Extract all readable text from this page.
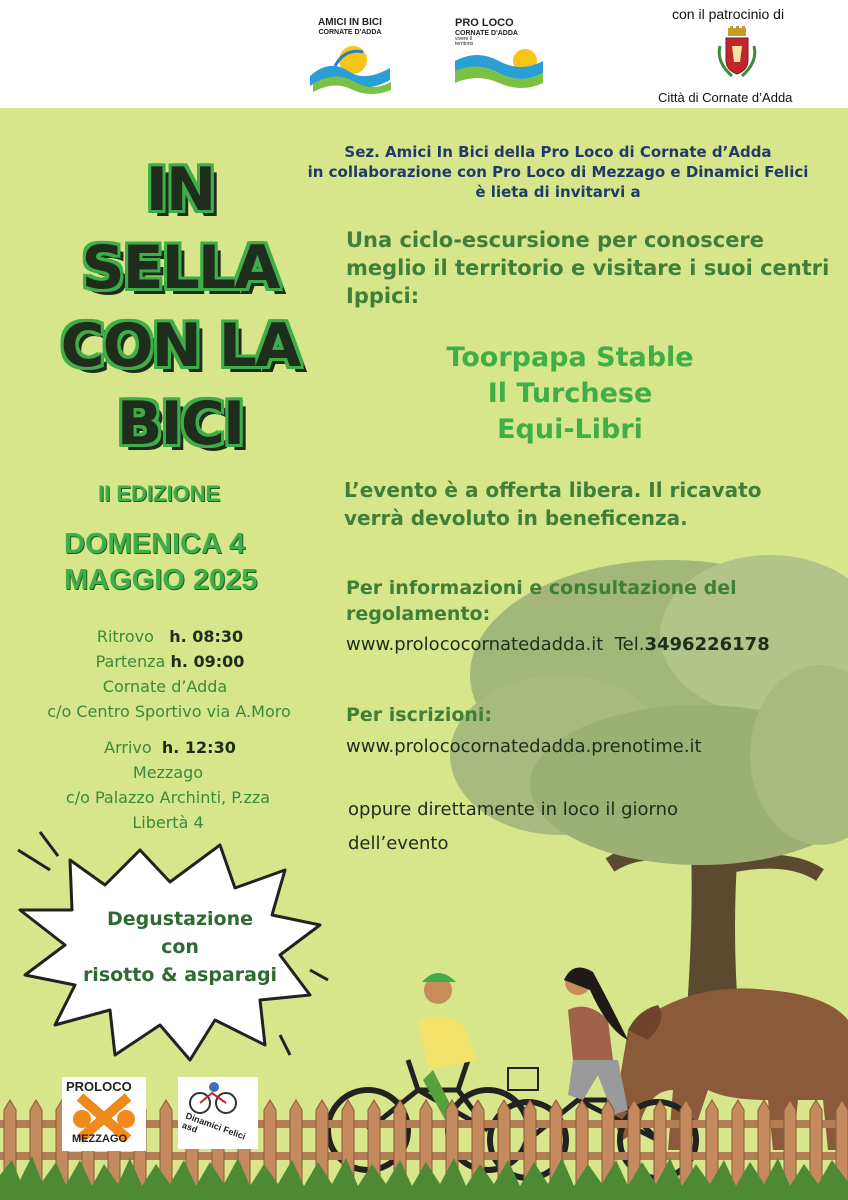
AMICI IN BICI
CORNATE D'ADDA
PRO LOCO
CORNATE D'ADDA
vivere il
territorio
con il patrocinio di
Città di Cornate d’Adda
IN
SELLA
CON LA
BICI
II EDIZIONE
DOMENICA 4
MAGGIO 2025
Ritrovo h. 08:30
Partenza h. 09:00
Cornate d’Adda
c/o Centro Sportivo via A.Moro
Arrivo h. 12:30
Mezzago
c/o Palazzo Archinti, P.zza
Libertà 4
Sez. Amici In Bici della Pro Loco di Cornate d’Adda
in collaborazione con Pro Loco di Mezzago e Dinamici Felici
è lieta di invitarvi a
Una ciclo-escursione per conoscere
meglio il territorio e visitare i suoi centri
Ippici:
Toorpapa Stable
Il Turchese
Equi-Libri
L’evento è a offerta libera. Il ricavato
verrà devoluto in beneficenza.
Per informazioni e consultazione del
regolamento:
www.prolococornatedadda.it Tel.3496226178
Per iscrizioni:
www.prolococornatedadda.prenotime.it
oppure direttamente in loco il giorno
dell’evento
Degustazione
con
risotto & asparagi
PROLOCO
MEZZAGO	Dinamici Felici asd
